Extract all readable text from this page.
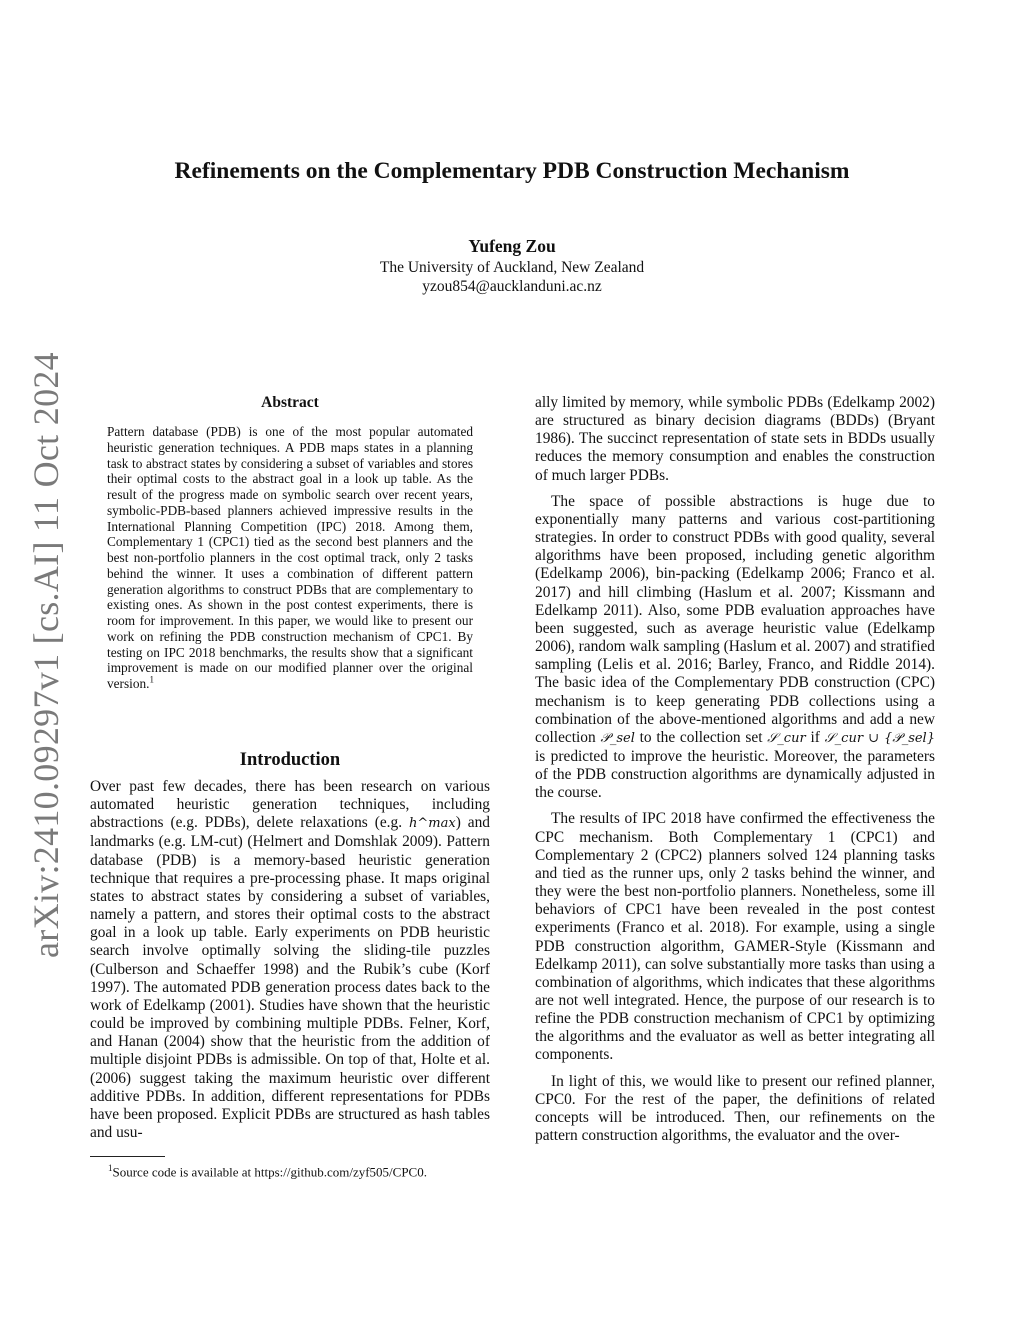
arXiv:2410.09297v1 [cs.AI] 11 Oct 2024
Refinements on the Complementary PDB Construction Mechanism
Yufeng Zou
The University of Auckland, New Zealand
yzou854@aucklanduni.ac.nz
Abstract

Pattern database (PDB) is one of the most popular automated heuristic generation techniques. A PDB maps states in a planning task to abstract states by considering a subset of variables and stores their optimal costs to the abstract goal in a look up table. As the result of the progress made on symbolic search over recent years, symbolic-PDB-based planners achieved impressive results in the International Planning Competition (IPC) 2018. Among them, Complementary 1 (CPC1) tied as the second best planners and the best non-portfolio planners in the cost optimal track, only 2 tasks behind the winner. It uses a combination of different pattern generation algorithms to construct PDBs that are complementary to existing ones. As shown in the post contest experiments, there is room for improvement. In this paper, we would like to present our work on refining the PDB construction mechanism of CPC1. By testing on IPC 2018 benchmarks, the results show that a significant improvement is made on our modified planner over the original version.$^1$

Introduction

Over past few decades, there has been research on various automated heuristic generation techniques, including abstractions (e.g. PDBs), delete relaxations (e.g. h^max) and landmarks (e.g. LM-cut) (Helmert and Domshlak 2009). Pattern database (PDB) is a memory-based heuristic generation technique that requires a pre-processing phase. It maps original states to abstract states by considering a subset of variables, namely a pattern, and stores their optimal costs to the abstract goal in a look up table. Early experiments on PDB heuristic search involve optimally solving the sliding-tile puzzles (Culberson and Schaeffer 1998) and the Rubik’s cube (Korf 1997). The automated PDB generation process dates back to the work of Edelkamp (2001). Studies have shown that the heuristic could be improved by combining multiple PDBs. Felner, Korf, and Hanan (2004) show that the heuristic from the addition of multiple disjoint PDBs is admissible. On top of that, Holte et al. (2006) suggest taking the maximum heuristic over different additive PDBs. In addition, different representations for PDBs have been proposed. Explicit PDBs are structured as hash tables and usu-

$^1$Source code is available at https://github.com/zyf505/CPC0.

ally limited by memory, while symbolic PDBs (Edelkamp 2002) are structured as binary decision diagrams (BDDs) (Bryant 1986). The succinct representation of state sets in BDDs usually reduces the memory consumption and enables the construction of much larger PDBs.

The space of possible abstractions is huge due to exponentially many patterns and various cost-partitioning strategies. In order to construct PDBs with good quality, several algorithms have been proposed, including genetic algorithm (Edelkamp 2006), bin-packing (Edelkamp 2006; Franco et al. 2017) and hill climbing (Haslum et al. 2007; Kissmann and Edelkamp 2011). Also, some PDB evaluation approaches have been suggested, such as average heuristic value (Edelkamp 2006), random walk sampling (Haslum et al. 2007) and stratified sampling (Lelis et al. 2016; Barley, Franco, and Riddle 2014). The basic idea of the Complementary PDB construction (CPC) mechanism is to keep generating PDB collections using a combination of the above-mentioned algorithms and add a new collection 𝒫_sel to the collection set 𝒮_cur if 𝒮_cur ∪ {𝒫_sel} is predicted to improve the heuristic. Moreover, the parameters of the PDB construction algorithms are dynamically adjusted in the course.

The results of IPC 2018 have confirmed the effectiveness the CPC mechanism. Both Complementary 1 (CPC1) and Complementary 2 (CPC2) planners solved 124 planning tasks and tied as the runner ups, only 2 tasks behind the winner, and they were the best non-portfolio planners. Nonetheless, some ill behaviors of CPC1 have been revealed in the post contest experiments (Franco et al. 2018). For example, using a single PDB construction algorithm, GAMER-Style (Kissmann and Edelkamp 2011), can solve substantially more tasks than using a combination of algorithms, which indicates that these algorithms are not well integrated. Hence, the purpose of our research is to refine the PDB construction mechanism of CPC1 by optimizing the algorithms and the evaluator as well as better integrating all components.

In light of this, we would like to present our refined planner, CPC0. For the rest of the paper, the definitions of related concepts will be introduced. Then, our refinements on the pattern construction algorithms, the evaluator and the over-
